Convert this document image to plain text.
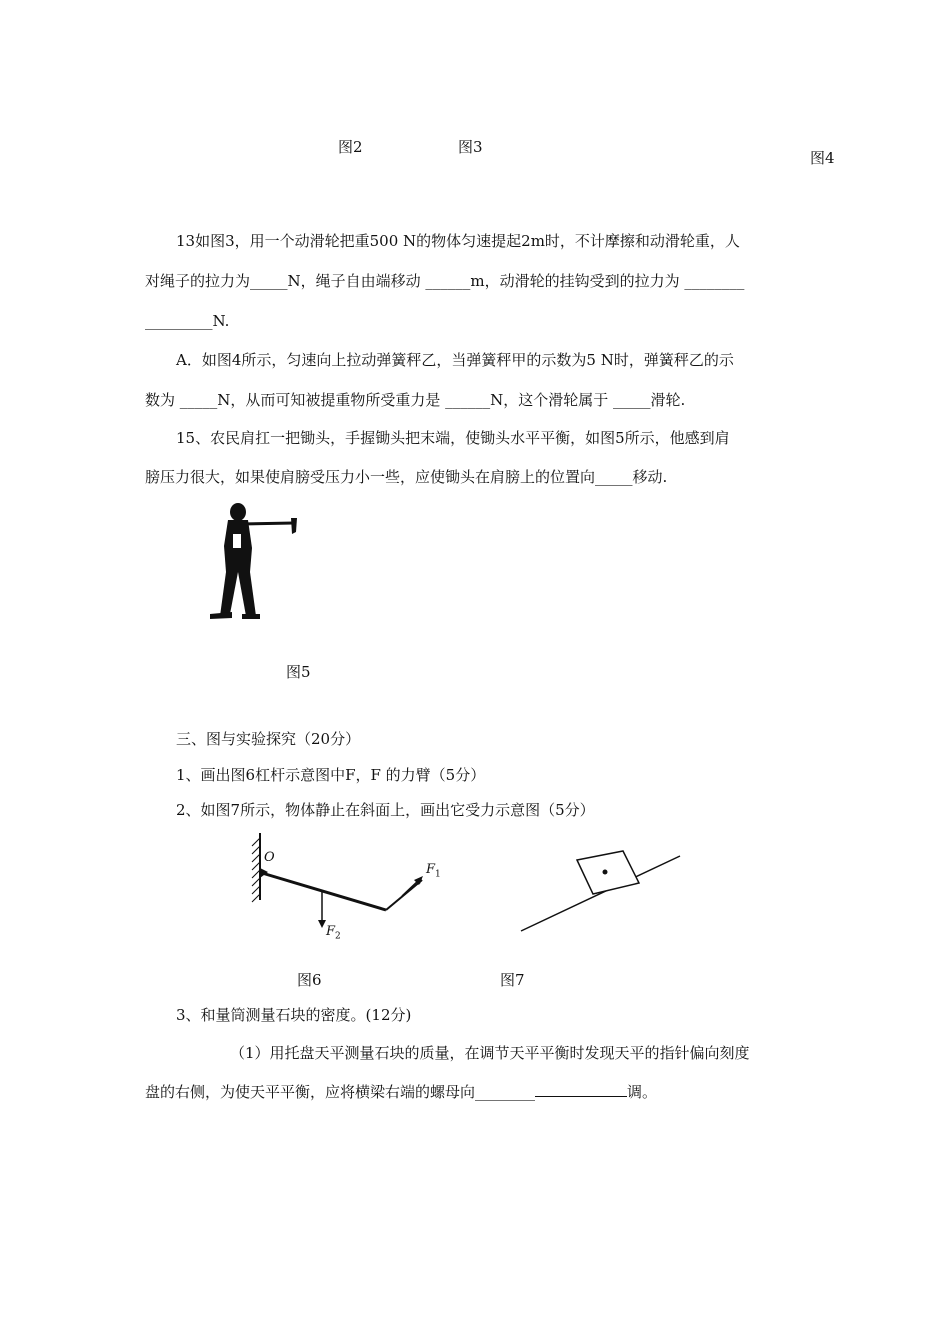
图2	图3
图4
13如图3，用一个动滑轮把重500 N的物体匀速提起2m时，不计摩擦和动滑轮重，人
对绳子的拉力为_____N，绳子自由端移动 ______m，动滑轮的挂钩受到的拉力为 ________
_________N.
A．如图4所示，匀速向上拉动弹簧秤乙，当弹簧秤甲的示数为5 N时，弹簧秤乙的示
数为 _____N，从而可知被提重物所受重力是 ______N，这个滑轮属于 _____滑轮.
15、农民肩扛一把锄头，手握锄头把末端，使锄头水平平衡，如图5所示，他感到肩
膀压力很大，如果使肩膀受压力小一些，应使锄头在肩膀上的位置向_____移动.
图5
三、图与实验探究（20分）
1、画出图6杠杆示意图中F，F 的力臂（5分）
2、如图7所示，物体静止在斜面上，画出它受力示意图（5分）
O
$F_1$
$F_2$
图6	图7
3、和量筒测量石块的密度。(12分)
（1）用托盘天平测量石块的质量，在调节天平平衡时发现天平的指针偏向刻度
盘的右侧，为使天平平衡，应将横梁右端的螺母向________	调。
